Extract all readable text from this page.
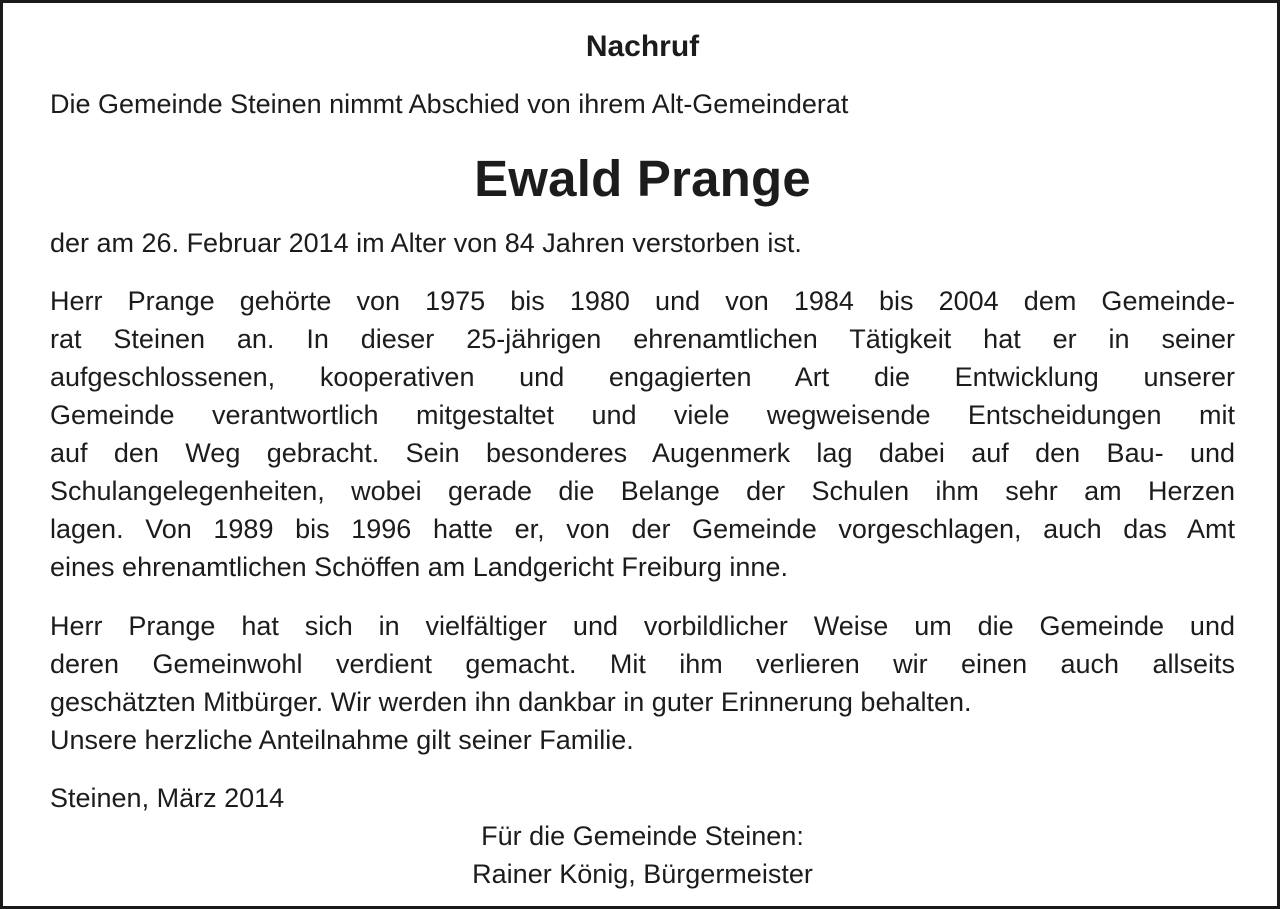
Nachruf

Die Gemeinde Steinen nimmt Abschied von ihrem Alt-Gemeinderat

Ewald Prange

der am 26. Februar 2014 im Alter von 84 Jahren verstorben ist.

Herr Prange gehörte von 1975 bis 1980 und von 1984 bis 2004 dem Gemeinde-
rat Steinen an. In dieser 25-jährigen ehrenamtlichen Tätigkeit hat er in seiner
aufgeschlossenen, kooperativen und engagierten Art die Entwicklung unserer
Gemeinde verantwortlich mitgestaltet und viele wegweisende Entscheidungen mit
auf den Weg gebracht. Sein besonderes Augenmerk lag dabei auf den Bau- und
Schulangelegenheiten, wobei gerade die Belange der Schulen ihm sehr am Herzen
lagen. Von 1989 bis 1996 hatte er, von der Gemeinde vorgeschlagen, auch das Amt
eines ehrenamtlichen Schöffen am Landgericht Freiburg inne.

Herr Prange hat sich in vielfältiger und vorbildlicher Weise um die Gemeinde und
deren Gemeinwohl verdient gemacht. Mit ihm verlieren wir einen auch allseits
geschätzten Mitbürger. Wir werden ihn dankbar in guter Erinnerung behalten.
Unsere herzliche Anteilnahme gilt seiner Familie.

Steinen, März 2014

Für die Gemeinde Steinen:
Rainer König, Bürgermeister
